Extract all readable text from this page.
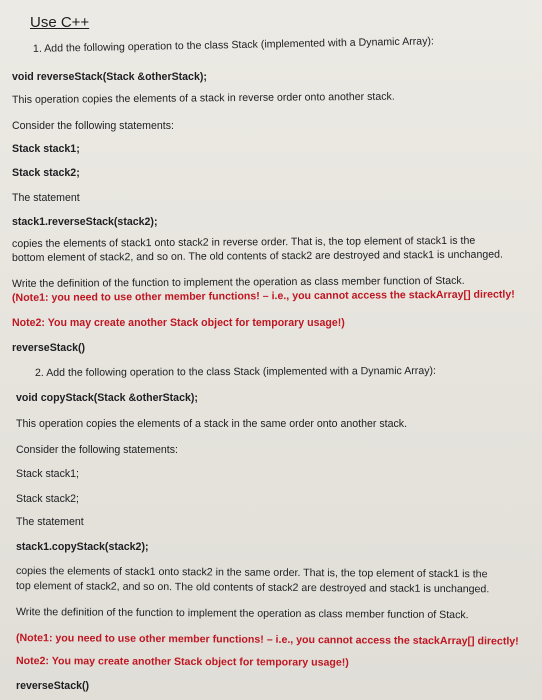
Use C++
1. Add the following operation to the class Stack (implemented with a Dynamic Array):
void reverseStack(Stack &otherStack);
This operation copies the elements of a stack in reverse order onto another stack.
Consider the following statements:
Stack stack1;
Stack stack2;
The statement
stack1.reverseStack(stack2);
copies the elements of stack1 onto stack2 in reverse order. That is, the top element of stack1 is the
bottom element of stack2, and so on. The old contents of stack2 are destroyed and stack1 is unchanged.
Write the definition of the function to implement the operation as class member function of Stack.
(Note1: you need to use other member functions! – i.e., you cannot access the stackArray[] directly!
Note2: You may create another Stack object for temporary usage!)
reverseStack()
2. Add the following operation to the class Stack (implemented with a Dynamic Array):
void copyStack(Stack &otherStack);
This operation copies the elements of a stack in the same order onto another stack.
Consider the following statements:
Stack stack1;
Stack stack2;
The statement
stack1.copyStack(stack2);
copies the elements of stack1 onto stack2 in the same order. That is, the top element of stack1 is the
top element of stack2, and so on. The old contents of stack2 are destroyed and stack1 is unchanged.
Write the definition of the function to implement the operation as class member function of Stack.
(Note1: you need to use other member functions! – i.e., you cannot access the stackArray[] directly!
Note2: You may create another Stack object for temporary usage!)
reverseStack()
